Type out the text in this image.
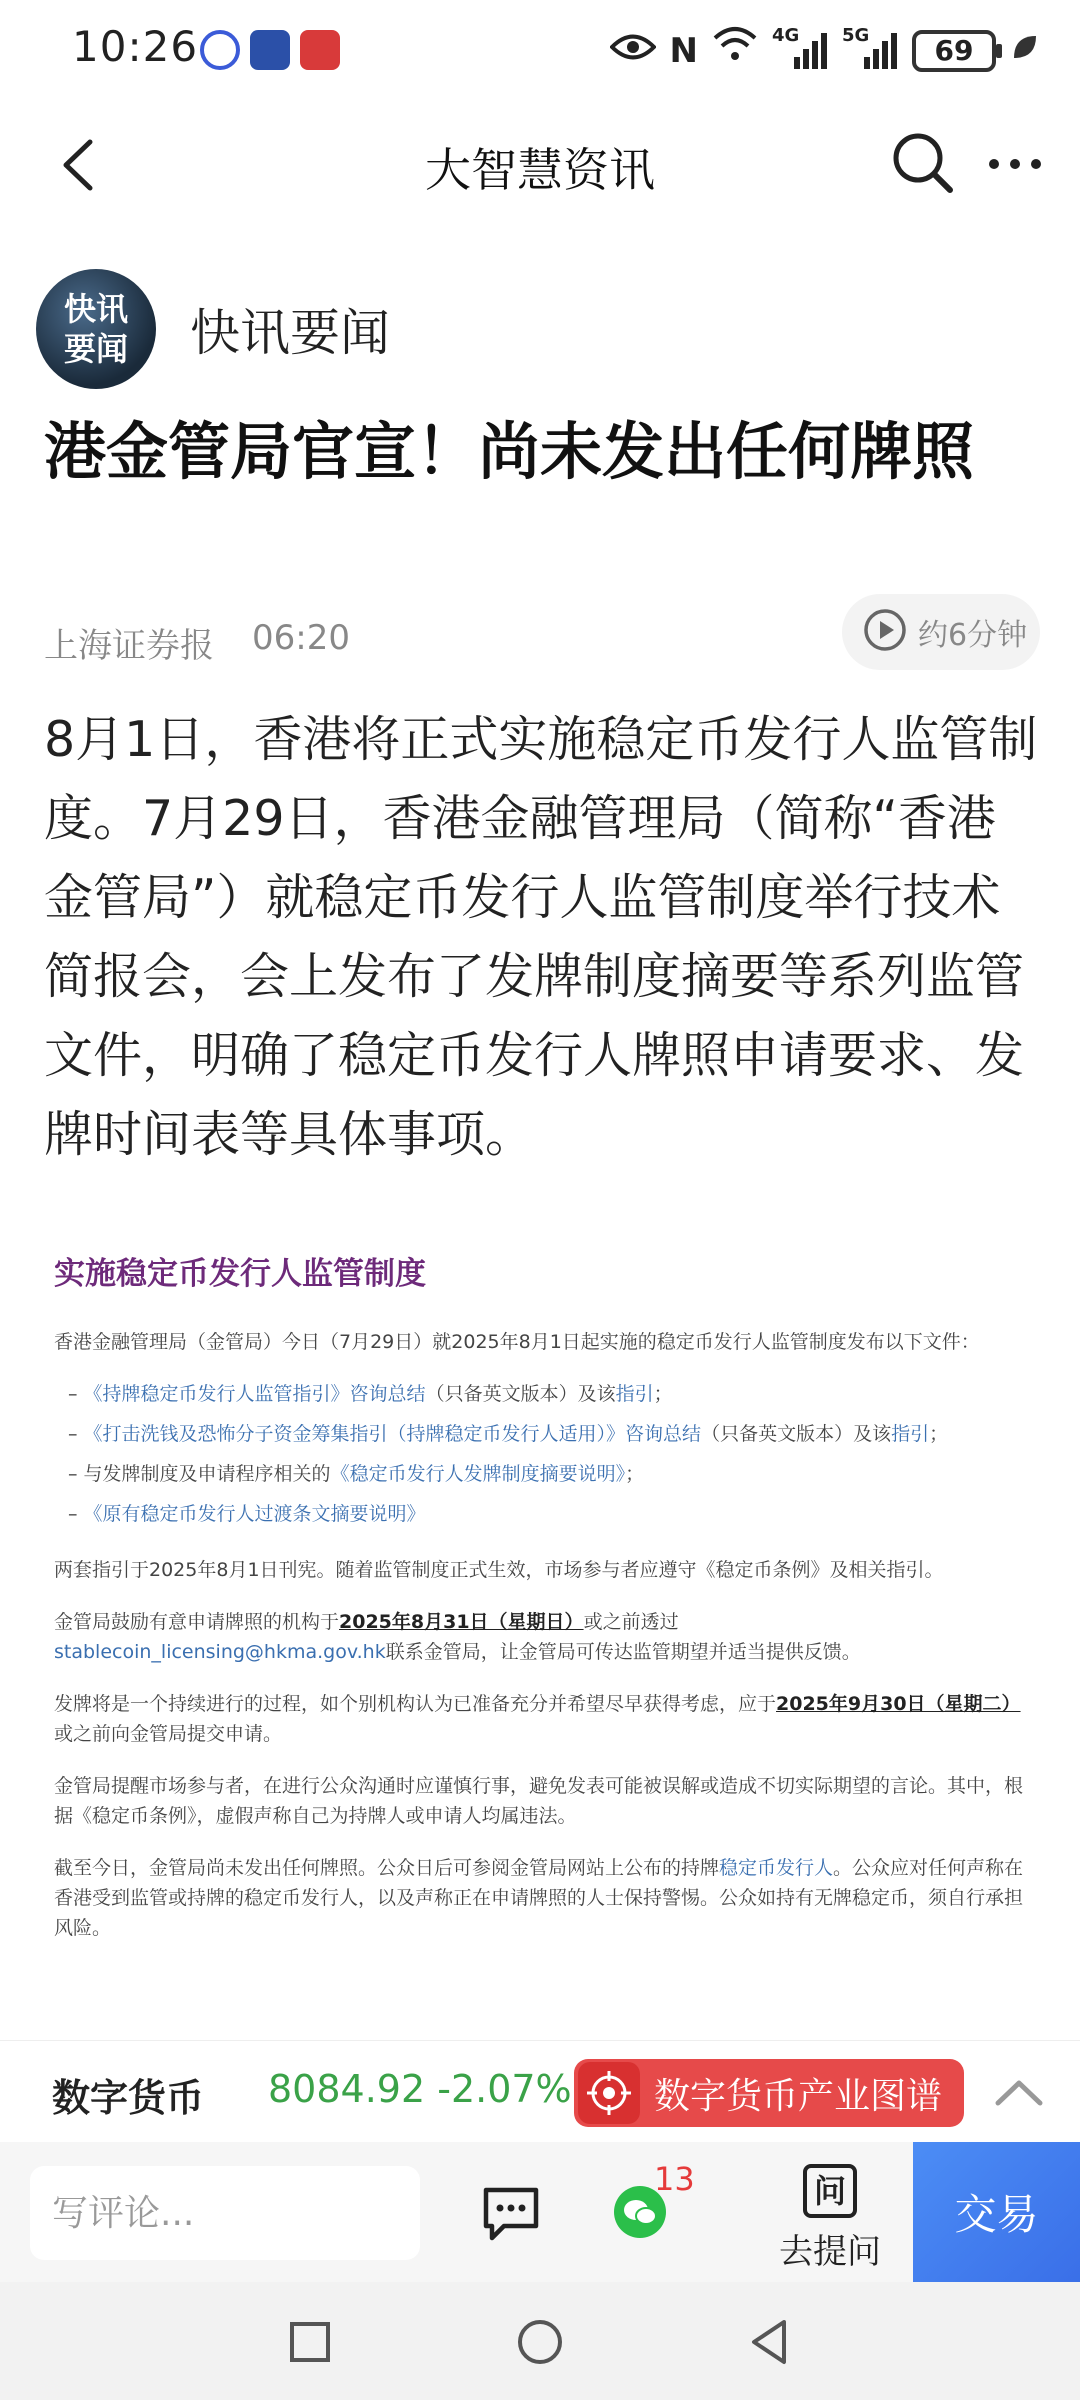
10:26	N	4G 5G	69
大智慧资讯
快讯
要闻 快讯要闻
港金管局官宣！尚未发出任何牌照
上海证券报 06:20	约6分钟
8月1日，香港将正式实施稳定币发行人监管制度。7月29日，香港金融管理局（简称“香港金管局”）就稳定币发行人监管制度举行技术简报会，会上发布了发牌制度摘要等系列监管文件，明确了稳定币发行人牌照申请要求、发牌时间表等具体事项。
实施稳定币发行人监管制度

香港金融管理局（金管局）今日（7月29日）就2025年8月1日起实施的稳定币发行人监管制度发布以下文件：

– 《持牌稳定币发行人监管指引》咨询总结（只备英文版本）及该指引；
– 《打击洗钱及恐怖分子资金筹集指引（持牌稳定币发行人适用）》咨询总结（只备英文版本）及该指引；
– 与发牌制度及申请程序相关的《稳定币发行人发牌制度摘要说明》；
– 《原有稳定币发行人过渡条文摘要说明》

两套指引于2025年8月1日刊宪。随着监管制度正式生效，市场参与者应遵守《稳定币条例》及相关指引。

金管局鼓励有意申请牌照的机构于2025年8月31日（星期日）或之前透过
stablecoin_licensing@hkma.gov.hk联系金管局，让金管局可传达监管期望并适当提供反馈。

发牌将是一个持续进行的过程，如个别机构认为已准备充分并希望尽早获得考虑，应于2025年9月30日（星期二）或之前向金管局提交申请。

金管局提醒市场参与者，在进行公众沟通时应谨慎行事，避免发表可能被误解或造成不切实际期望的言论。其中，根据《稳定币条例》，虚假声称自己为持牌人或申请人均属违法。

截至今日，金管局尚未发出任何牌照。公众日后可参阅金管局网站上公布的持牌稳定币发行人。公众应对任何声称在香港受到监管或持牌的稳定币发行人，以及声称正在申请牌照的人士保持警惕。公众如持有无牌稳定币，须自行承担风险。

数字货币 8084.92 -2.07% 数字货币产业图谱
写评论...
13	问
去提问
交易
